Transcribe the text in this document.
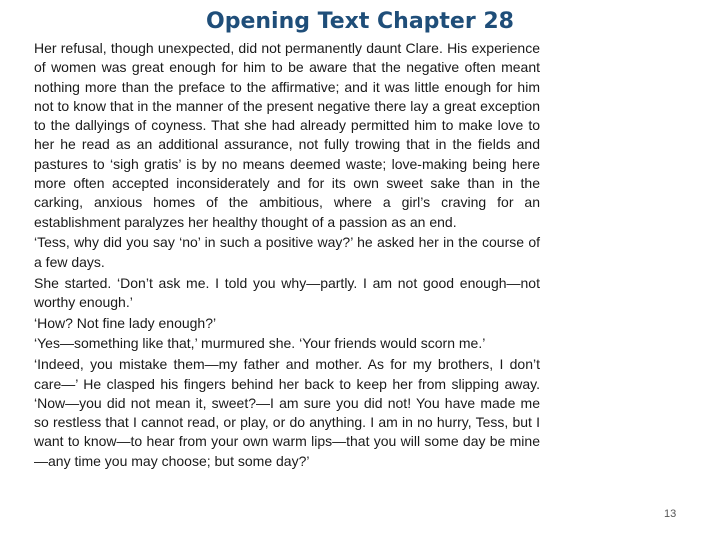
Opening Text Chapter 28

Her refusal, though unexpected, did not permanently daunt Clare. His experience of women was great enough for him to be aware that the negative often meant nothing more than the preface to the affirmative; and it was little enough for him not to know that in the manner of the present negative there lay a great exception to the dallyings of coyness. That she had already permitted him to make love to her he read as an additional assurance, not fully trowing that in the fields and pastures to ‘sigh gratis’ is by no means deemed waste; love-making being here more often accepted inconsiderately and for its own sweet sake than in the carking, anxious homes of the ambitious, where a girl’s craving for an establishment paralyzes her healthy thought of a passion as an end.

‘Tess, why did you say ‘no’ in such a positive way?’ he asked her in the course of a few days.

She started. ‘Don’t ask me. I told you why—partly. I am not good enough—not worthy enough.’

‘How? Not fine lady enough?’

‘Yes—something like that,’ murmured she. ‘Your friends would scorn me.’

‘Indeed, you mistake them—my father and mother. As for my brothers, I don’t care—’ He clasped his fingers behind her back to keep her from slipping away. ‘Now—you did not mean it, sweet?—I am sure you did not! You have made me so restless that I cannot read, or play, or do anything. I am in no hurry, Tess, but I want to know—to hear from your own warm lips—that you will some day be mine—any time you may choose; but some day?’

13
